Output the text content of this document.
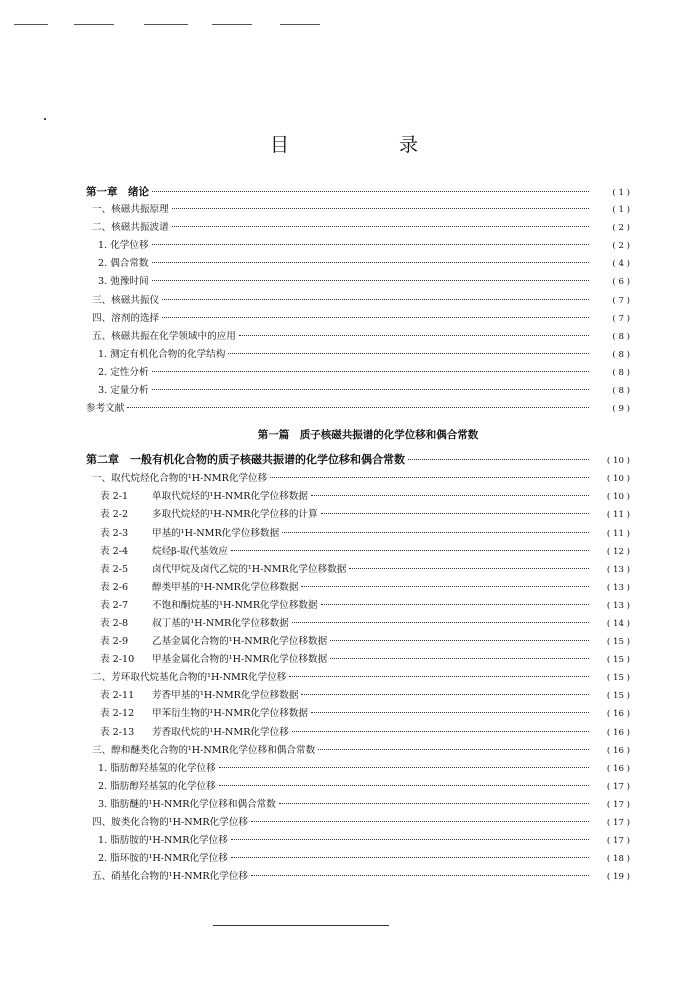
目 录
第一章　绪论	( 1 )
一、核磁共振原理	( 1 )
二、核磁共振波谱	( 2 )
1. 化学位移	( 2 )
2. 偶合常数	( 4 )
3. 弛豫时间	( 6 )
三、核磁共振仪	( 7 )
四、溶剂的选择	( 7 )
五、核磁共振在化学领域中的应用	( 8 )
1. 测定有机化合物的化学结构	( 8 )
2. 定性分析	( 8 )
3. 定量分析	( 8 )
参考文献	( 9 )
第一篇　质子核磁共振谱的化学位移和偶合常数
第二章　一般有机化合物的质子核磁共振谱的化学位移和偶合常数	( 10 )
一、取代烷烃化合物的¹H-NMR化学位移	( 10 )
表 2-1 单取代烷烃的¹H-NMR化学位移数据	( 10 )
表 2-2 多取代烷烃的¹H-NMR化学位移的计算	( 11 )
表 2-3 甲基的¹H-NMR化学位移数据	( 11 )
表 2-4 烷烃β-取代基效应	( 12 )
表 2-5 卤代甲烷及卤代乙烷的¹H-NMR化学位移数据	( 13 )
表 2-6 醇类甲基的¹H-NMR化学位移数据	( 13 )
表 2-7 不饱和酮烷基的¹H-NMR化学位移数据	( 13 )
表 2-8 叔丁基的¹H-NMR化学位移数据	( 14 )
表 2-9 乙基金属化合物的¹H-NMR化学位移数据	( 15 )
表 2-10 甲基金属化合物的¹H-NMR化学位移数据	( 15 )
二、芳环取代烷基化合物的¹H-NMR化学位移	( 15 )
表 2-11 芳香甲基的¹H-NMR化学位移数据	( 15 )
表 2-12 甲苯衍生物的¹H-NMR化学位移数据	( 16 )
表 2-13 芳香取代烷的¹H-NMR化学位移	( 16 )
三、醇和醚类化合物的¹H-NMR化学位移和偶合常数	( 16 )
1. 脂肪醇羟基氢的化学位移	( 16 )
2. 脂肪醇羟基氢的化学位移	( 17 )
3. 脂肪醚的¹H-NMR化学位移和偶合常数	( 17 )
四、胺类化合物的¹H-NMR化学位移	( 17 )
1. 脂肪胺的¹H-NMR化学位移	( 17 )
2. 脂环胺的¹H-NMR化学位移	( 18 )
五、硝基化合物的¹H-NMR化学位移	( 19 )
